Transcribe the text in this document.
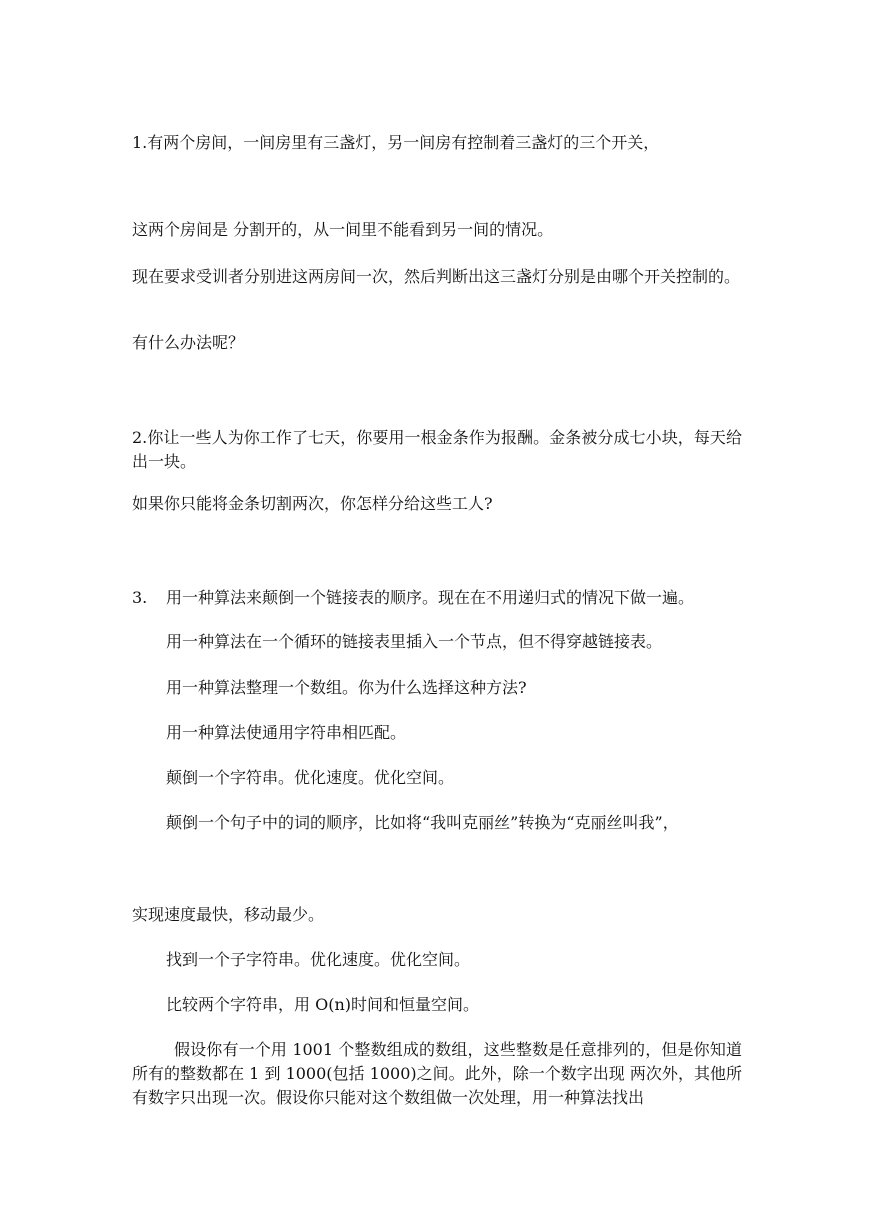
1.有两个房间，一间房里有三盏灯，另一间房有控制着三盏灯的三个开关，

这两个房间是 分割开的，从一间里不能看到另一间的情况。

现在要求受训者分别进这两房间一次，然后判断出这三盏灯分别是由哪个开关控制的。

有什么办法呢？

2.你让一些人为你工作了七天，你要用一根金条作为报酬。金条被分成七小块，每天给出一块。

如果你只能将金条切割两次，你怎样分给这些工人?

3. 用一种算法来颠倒一个链接表的顺序。现在在不用递归式的情况下做一遍。

用一种算法在一个循环的链接表里插入一个节点，但不得穿越链接表。

用一种算法整理一个数组。你为什么选择这种方法?

用一种算法使通用字符串相匹配。

颠倒一个字符串。优化速度。优化空间。

颠倒一个句子中的词的顺序，比如将“我叫克丽丝”转换为“克丽丝叫我”，

实现速度最快，移动最少。

找到一个子字符串。优化速度。优化空间。

比较两个字符串，用 O(n)时间和恒量空间。

假设你有一个用 1001 个整数组成的数组，这些整数是任意排列的，但是你知道所有的整数都在 1 到 1000(包括 1000)之间。此外，除一个数字出现 两次外，其他所有数字只出现一次。假设你只能对这个数组做一次处理，用一种算法找出
